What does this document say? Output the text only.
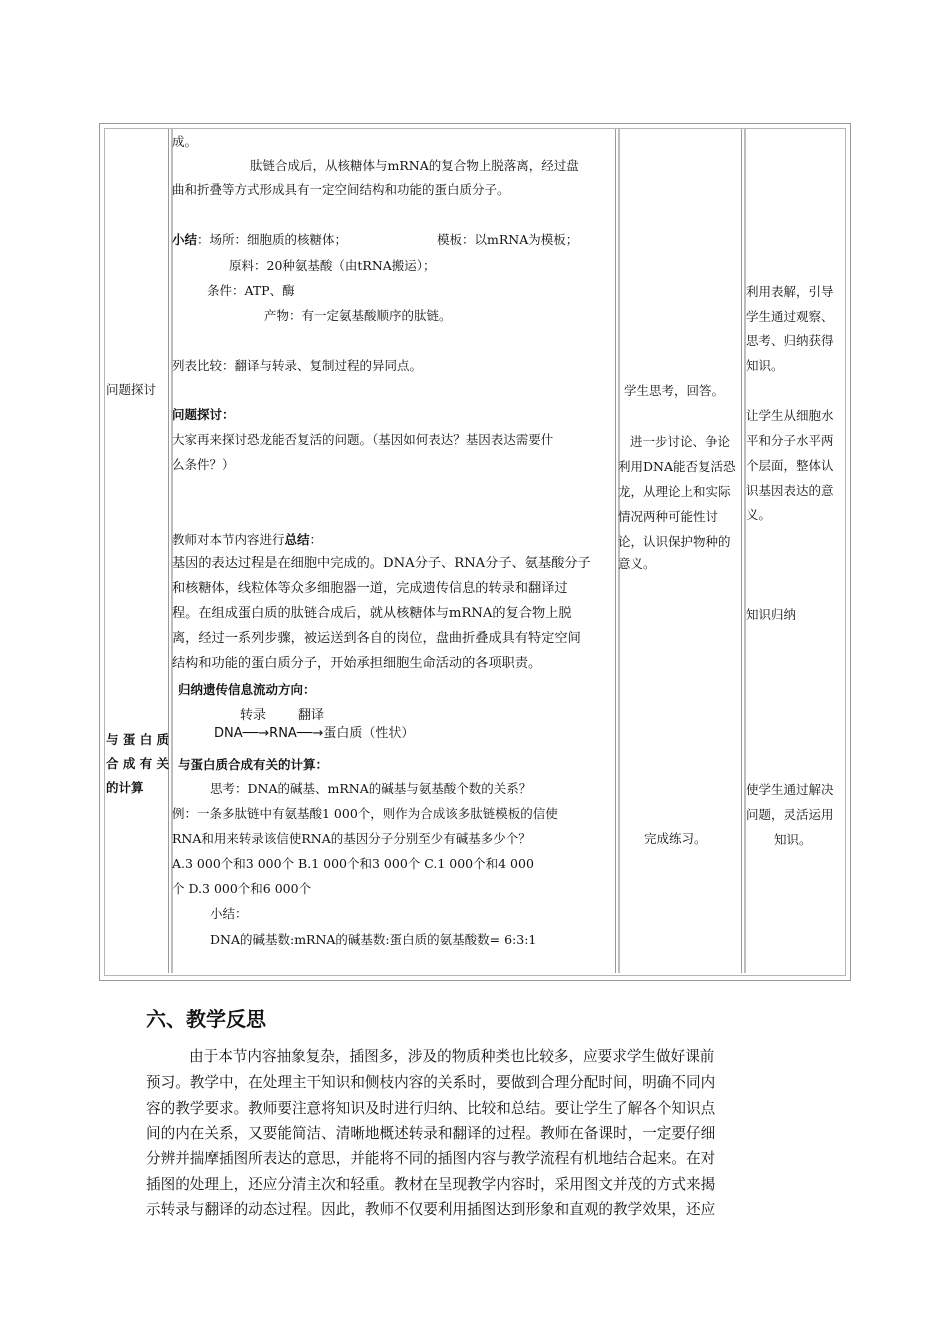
问题探讨
与 蛋 白 质
合 成 有 关
的计算
成。
肽链合成后，从核糖体与mRNA的复合物上脱落离，经过盘
曲和折叠等方式形成具有一定空间结构和功能的蛋白质分子。
小结：场所：细胞质的核糖体；	模板：以mRNA为模板；
原料：20种氨基酸（由tRNA搬运）；
条件：ATP、酶
产物：有一定氨基酸顺序的肽链。
列表比较：翻译与转录、复制过程的异同点。
问题探讨：
大家再来探讨恐龙能否复活的问题。（基因如何表达？基因表达需要什
么条件？）
教师对本节内容进行总结：
基因的表达过程是在细胞中完成的。DNA分子、RNA分子、氨基酸分子
和核糖体，线粒体等众多细胞器一道，完成遗传信息的转录和翻译过
程。在组成蛋白质的肽链合成后，就从核糖体与mRNA的复合物上脱
离，经过一系列步骤，被运送到各自的岗位，盘曲折叠成具有特定空间
结构和功能的蛋白质分子，开始承担细胞生命活动的各项职责。
归纳遗传信息流动方向：
转录 翻译
DNA──→RNA──→蛋白质（性状）
与蛋白质合成有关的计算：
思考：DNA的碱基、mRNA的碱基与氨基酸个数的关系？
例：一条多肽链中有氨基酸1 000个，则作为合成该多肽链模板的信使
RNA和用来转录该信使RNA的基因分子分别至少有碱基多少个？
A.3 000个和3 000个 B.1 000个和3 000个 C.1 000个和4 000
个 D.3 000个和6 000个
小结：
DNA的碱基数:mRNA的碱基数:蛋白质的氨基酸数= 6:3:1
学生思考，回答。
进一步讨论、争论
利用DNA能否复活恐
龙，从理论上和实际
情况两种可能性讨
论，认识保护物种的
意义。
完成练习。
利用表解，引导
学生通过观察、
思考、归纳获得
知识。
让学生从细胞水
平和分子水平两
个层面，整体认
识基因表达的意
义。
知识归纳
使学生通过解决
问题，灵活运用
知识。
六、教学反思
由于本节内容抽象复杂，插图多，涉及的物质种类也比较多，应要求学生做好课前
预习。教学中，在处理主干知识和侧枝内容的关系时，要做到合理分配时间，明确不同内
容的教学要求。教师要注意将知识及时进行归纳、比较和总结。要让学生了解各个知识点
间的内在关系，又要能简洁、清晰地概述转录和翻译的过程。教师在备课时，一定要仔细
分辨并揣摩插图所表达的意思，并能将不同的插图内容与教学流程有机地结合起来。在对
插图的处理上，还应分清主次和轻重。教材在呈现教学内容时，采用图文并茂的方式来揭
示转录与翻译的动态过程。因此，教师不仅要利用插图达到形象和直观的教学效果，还应
